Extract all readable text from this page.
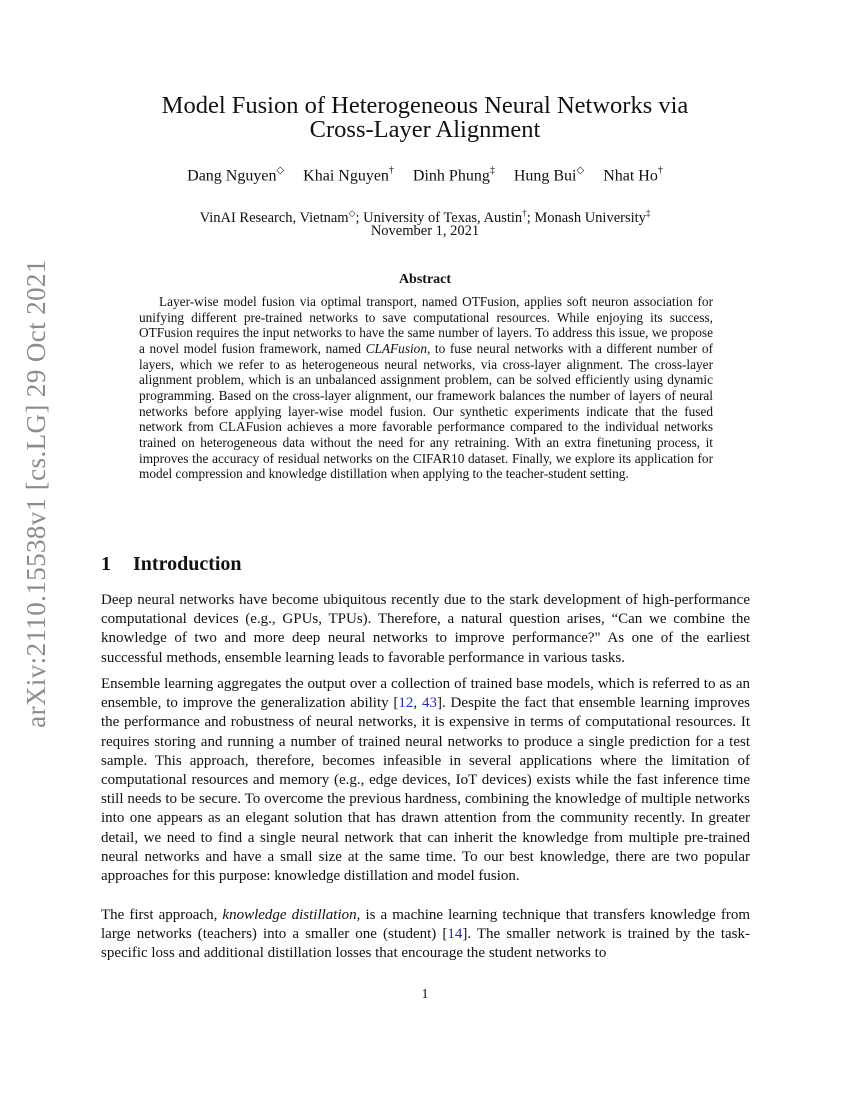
arXiv:2110.15538v1 [cs.LG] 29 Oct 2021
Model Fusion of Heterogeneous Neural Networks via
Cross-Layer Alignment
Dang Nguyen◇ Khai Nguyen† Dinh Phung‡ Hung Bui◇ Nhat Ho†
VinAI Research, Vietnam◇; University of Texas, Austin†; Monash University‡
November 1, 2021
Abstract

Layer-wise model fusion via optimal transport, named OTFusion, applies soft neuron association for unifying different pre-trained networks to save computational resources. While enjoying its success, OTFusion requires the input networks to have the same number of layers. To address this issue, we propose a novel model fusion framework, named CLAFusion, to fuse neural networks with a different number of layers, which we refer to as heterogeneous neural networks, via cross-layer alignment. The cross-layer alignment problem, which is an unbalanced assignment problem, can be solved efficiently using dynamic programming. Based on the cross-layer alignment, our framework balances the number of layers of neural networks before applying layer-wise model fusion. Our synthetic experiments indicate that the fused network from CLAFusion achieves a more favorable performance compared to the individual networks trained on heterogeneous data without the need for any retraining. With an extra finetuning process, it improves the accuracy of residual networks on the CIFAR10 dataset. Finally, we explore its application for model compression and knowledge distillation when applying to the teacher-student setting.

1 Introduction

Deep neural networks have become ubiquitous recently due to the stark development of high-performance computational devices (e.g., GPUs, TPUs). Therefore, a natural question arises, “Can we combine the knowledge of two and more deep neural networks to improve performance?" As one of the earliest successful methods, ensemble learning leads to favorable performance in various tasks.

Ensemble learning aggregates the output over a collection of trained base models, which is referred to as an ensemble, to improve the generalization ability [12, 43]. Despite the fact that ensemble learning improves the performance and robustness of neural networks, it is expensive in terms of computational resources. It requires storing and running a number of trained neural networks to produce a single prediction for a test sample. This approach, therefore, becomes infeasible in several applications where the limitation of computational resources and memory (e.g., edge devices, IoT devices) exists while the fast inference time still needs to be secure. To overcome the previous hardness, combining the knowledge of multiple networks into one appears as an elegant solution that has drawn attention from the community recently. In greater detail, we need to find a single neural network that can inherit the knowledge from multiple pre-trained neural networks and have a small size at the same time. To our best knowledge, there are two popular approaches for this purpose: knowledge distillation and model fusion.

The first approach, knowledge distillation, is a machine learning technique that transfers knowledge from large networks (teachers) into a smaller one (student) [14]. The smaller network is trained by the task-specific loss and additional distillation losses that encourage the student networks to

1
